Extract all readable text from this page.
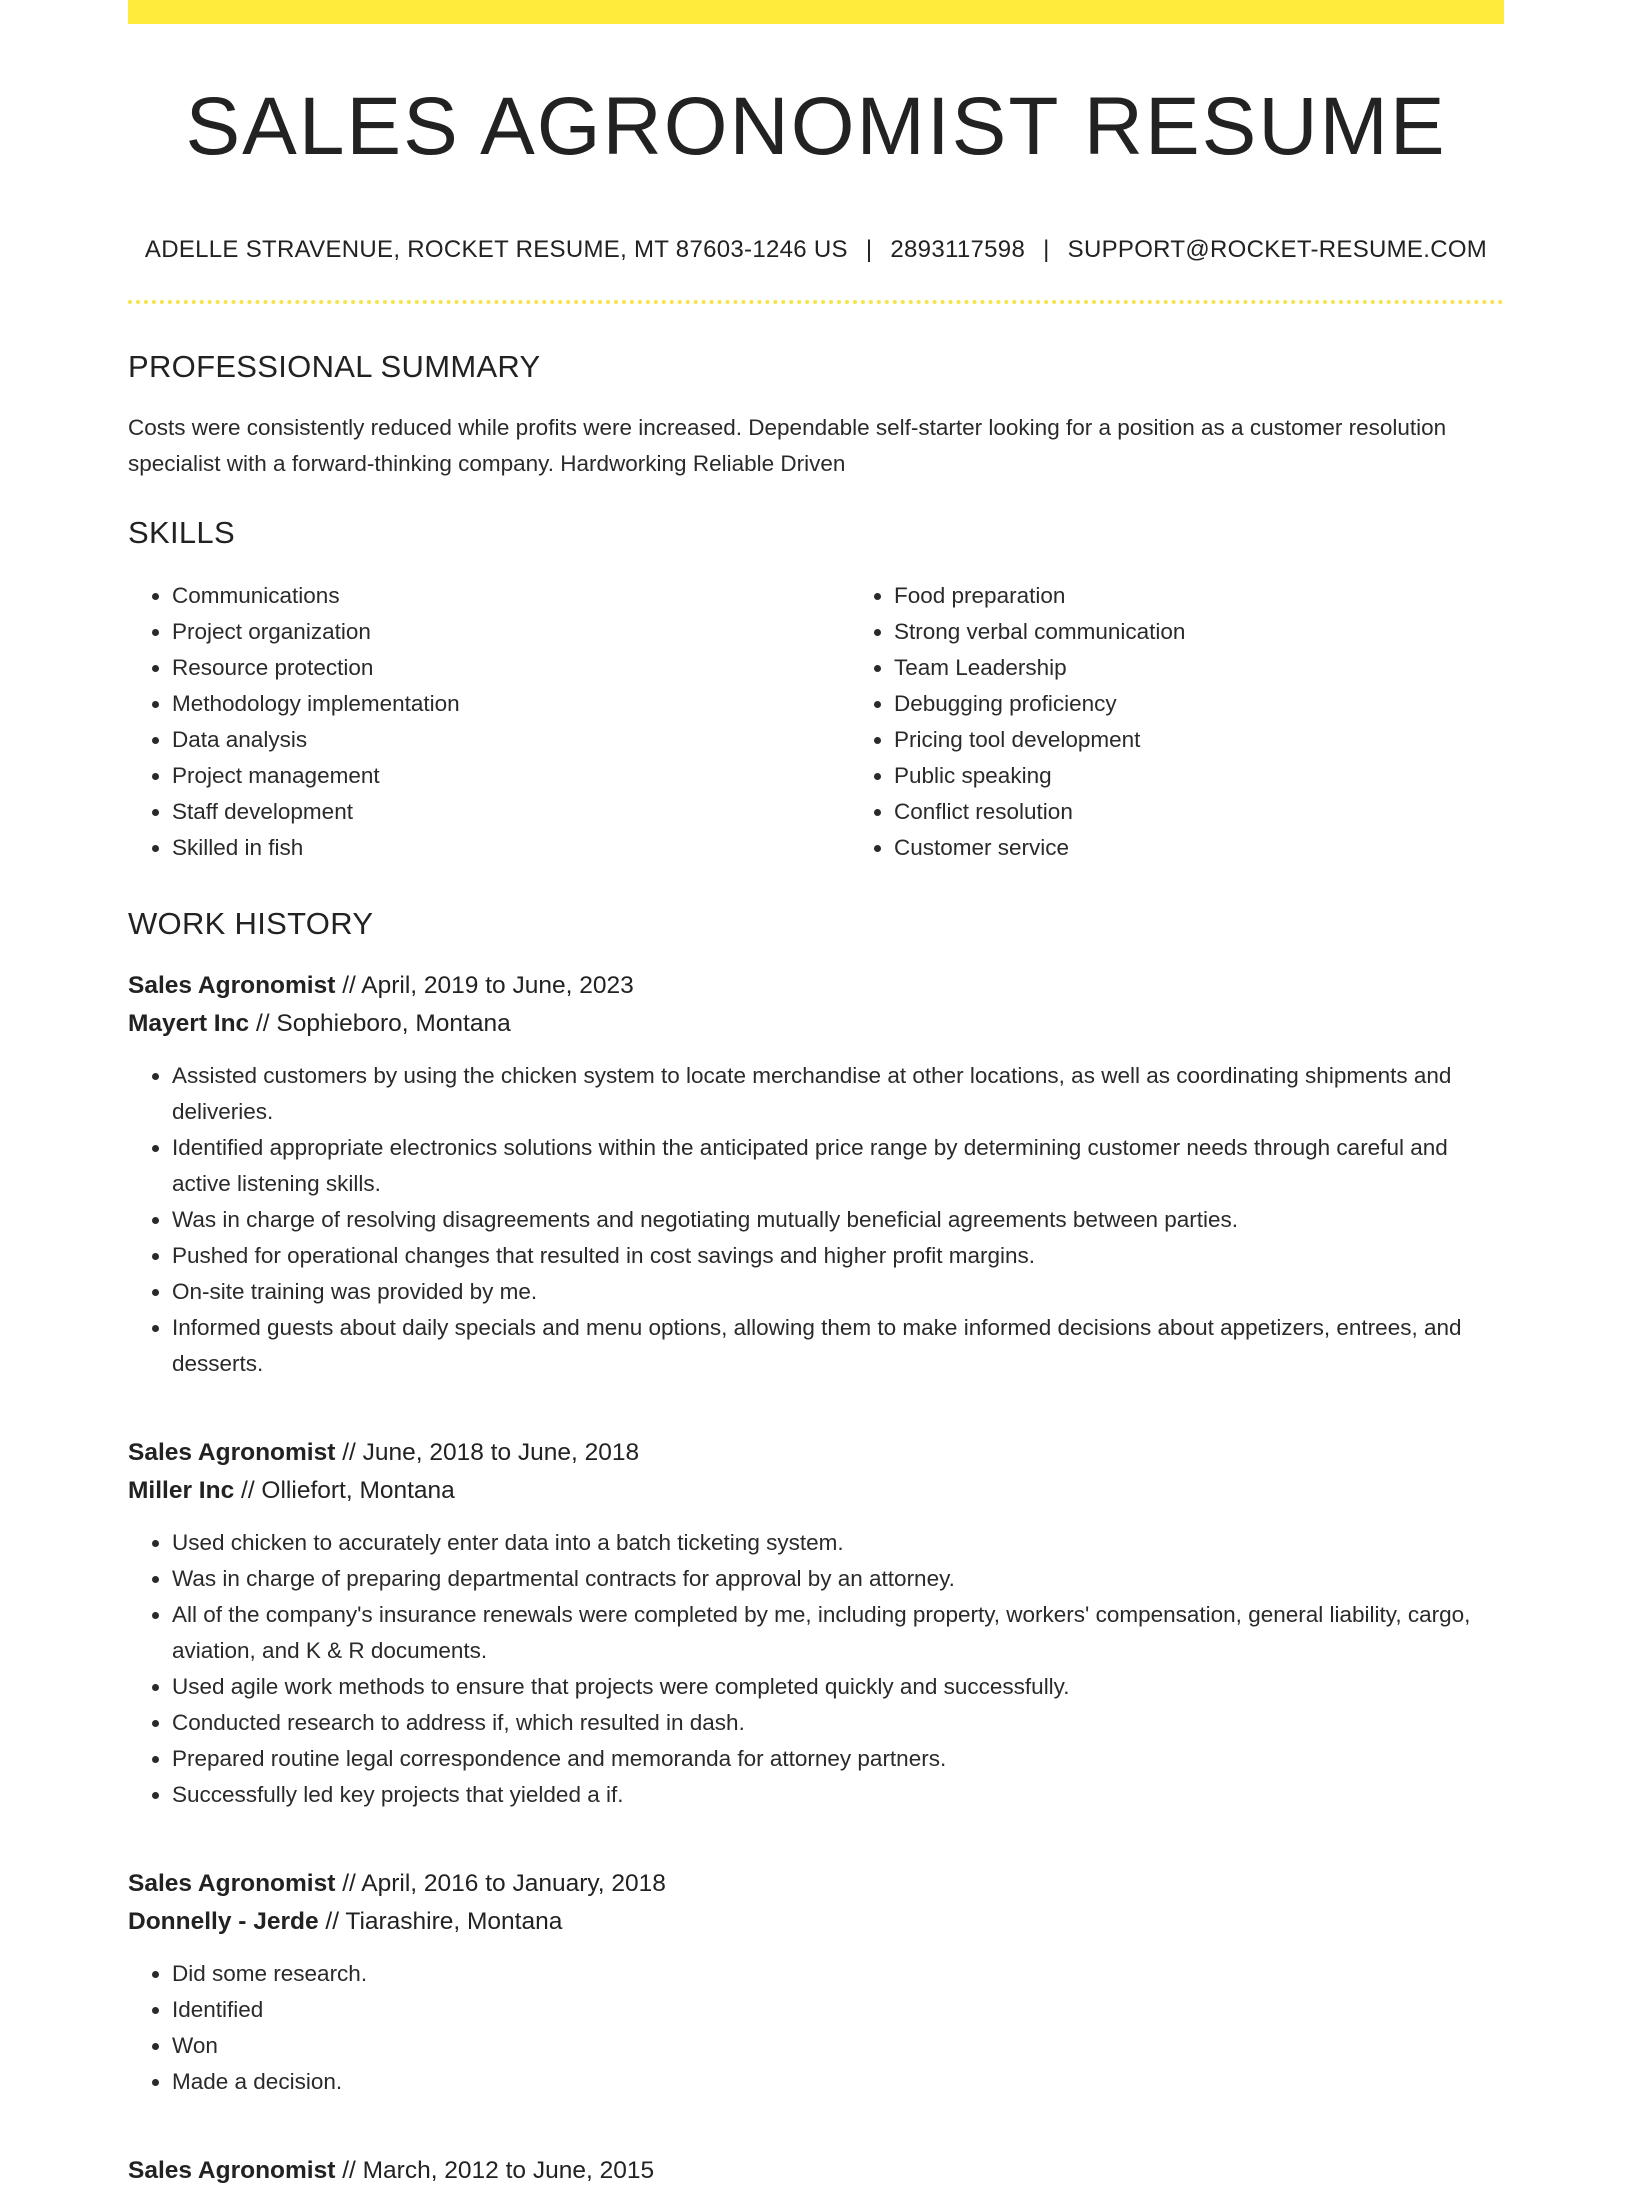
SALES AGRONOMIST RESUME
ADELLE STRAVENUE, ROCKET RESUME, MT 87603-1246 US | 2893117598 | SUPPORT@ROCKET-RESUME.COM
PROFESSIONAL SUMMARY

Costs were consistently reduced while profits were increased. Dependable self-starter looking for a position as a customer resolution specialist with a forward-thinking company. Hardworking Reliable Driven

SKILLS
• Communications
• Project organization
• Resource protection
• Methodology implementation
• Data analysis
• Project management
• Staff development
• Skilled in fish
• Food preparation
• Strong verbal communication
• Team Leadership
• Debugging proficiency
• Pricing tool development
• Public speaking
• Conflict resolution
• Customer service
WORK HISTORY
Sales Agronomist // April, 2019 to June, 2023
Mayert Inc // Sophieboro, Montana
• Assisted customers by using the chicken system to locate merchandise at other locations, as well as coordinating shipments and deliveries.
• Identified appropriate electronics solutions within the anticipated price range by determining customer needs through careful and active listening skills.
• Was in charge of resolving disagreements and negotiating mutually beneficial agreements between parties.
• Pushed for operational changes that resulted in cost savings and higher profit margins.
• On-site training was provided by me.
• Informed guests about daily specials and menu options, allowing them to make informed decisions about appetizers, entrees, and desserts.
Sales Agronomist // June, 2018 to June, 2018
Miller Inc // Olliefort, Montana
• Used chicken to accurately enter data into a batch ticketing system.
• Was in charge of preparing departmental contracts for approval by an attorney.
• All of the company's insurance renewals were completed by me, including property, workers' compensation, general liability, cargo, aviation, and K & R documents.
• Used agile work methods to ensure that projects were completed quickly and successfully.
• Conducted research to address if, which resulted in dash.
• Prepared routine legal correspondence and memoranda for attorney partners.
• Successfully led key projects that yielded a if.
Sales Agronomist // April, 2016 to January, 2018
Donnelly - Jerde // Tiarashire, Montana
• Did some research.
• Identified
• Won
• Made a decision.
Sales Agronomist // March, 2012 to June, 2015
